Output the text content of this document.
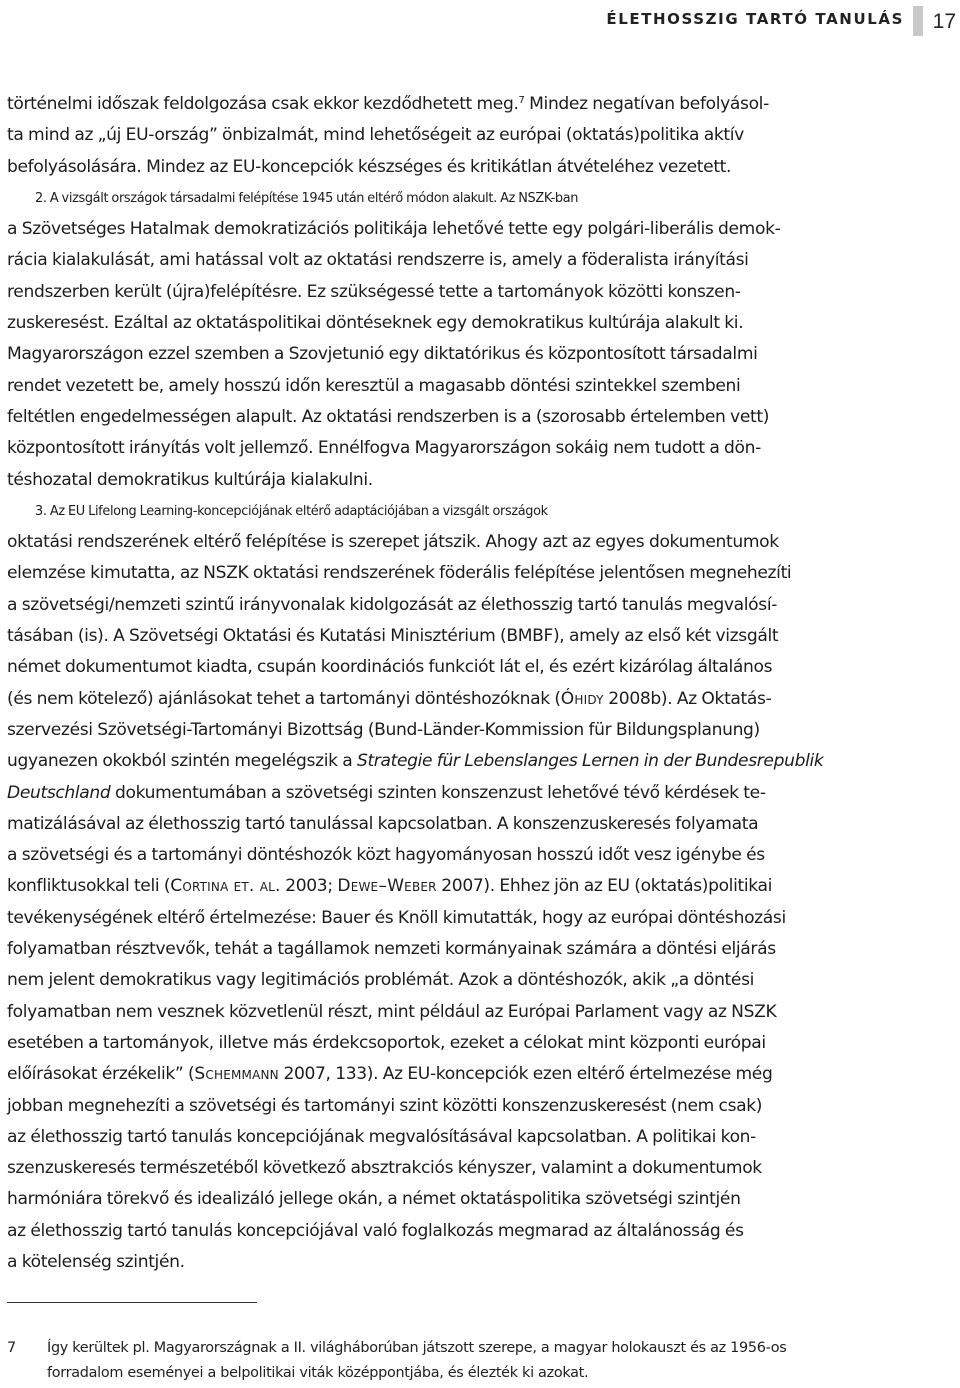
ÉLETHOSSZIG TARTÓ TANULÁS 17
történelmi időszak feldolgozása csak ekkor kezdődhetett meg.$^7$ Mindez negatívan befolyásol-
ta mind az „új EU-ország” önbizalmát, mind lehetőségeit az európai (oktatás)politika aktív
befolyásolására. Mindez az EU-koncepciók készséges és kritikátlan átvételéhez vezetett.
2. A vizsgált országok társadalmi felépítése 1945 után eltérő módon alakult. Az NSZK-ban
a Szövetséges Hatalmak demokratizációs politikája lehetővé tette egy polgári-liberális demok-
rácia kialakulását, ami hatással volt az oktatási rendszerre is, amely a föderalista irányítási
rendszerben került (újra)felépítésre. Ez szükségessé tette a tartományok közötti konszen-
zuskeresést. Ezáltal az oktatáspolitikai döntéseknek egy demokratikus kultúrája alakult ki.
Magyarországon ezzel szemben a Szovjetunió egy diktatórikus és központosított társadalmi
rendet vezetett be, amely hosszú időn keresztül a magasabb döntési szintekkel szembeni
feltétlen engedelmességen alapult. Az oktatási rendszerben is a (szorosabb értelemben vett)
központosított irányítás volt jellemző. Ennélfogva Magyarországon sokáig nem tudott a dön-
téshozatal demokratikus kultúrája kialakulni.
3. Az EU Lifelong Learning-koncepciójának eltérő adaptációjában a vizsgált országok
oktatási rendszerének eltérő felépítése is szerepet játszik. Ahogy azt az egyes dokumentumok
elemzése kimutatta, az NSZK oktatási rendszerének föderális felépítése jelentősen megnehezíti
a szövetségi/nemzeti szintű irányvonalak kidolgozását az élethosszig tartó tanulás megvalósí-
tásában (is). A Szövetségi Oktatási és Kutatási Minisztérium (BMBF), amely az első két vizsgált
német dokumentumot kiadta, csupán koordinációs funkciót lát el, és ezért kizárólag általános
(és nem kötelező) ajánlásokat tehet a tartományi döntéshozóknak (Óhidy 2008b). Az Oktatás-
szervezési Szövetségi-Tartományi Bizottság (Bund-Länder-Kommission für Bildungsplanung)
ugyanezen okokból szintén megelégszik a Strategie für Lebenslanges Lernen in der Bundesrepublik
Deutschland dokumentumában a szövetségi szinten konszenzust lehetővé tévő kérdések te-
matizálásával az élethosszig tartó tanulással kapcsolatban. A konszenzuskeresés folyamata
a szövetségi és a tartományi döntéshozók közt hagyományosan hosszú időt vesz igénybe és
konfliktusokkal teli (Cortina et. al. 2003; Dewe–Weber 2007). Ehhez jön az EU (oktatás)politikai
tevékenységének eltérő értelmezése: Bauer és Knöll kimutatták, hogy az európai döntéshozási
folyamatban résztvevők, tehát a tagállamok nemzeti kormányainak számára a döntési eljárás
nem jelent demokratikus vagy legitimációs problémát. Azok a döntéshozók, akik „a döntési
folyamatban nem vesznek közvetlenül részt, mint például az Európai Parlament vagy az NSZK
esetében a tartományok, illetve más érdekcsoportok, ezeket a célokat mint központi európai
előírásokat érzékelik” (Schemmann 2007, 133). Az EU-koncepciók ezen eltérő értelmezése még
jobban megnehezíti a szövetségi és tartományi szint közötti konszenzuskeresést (nem csak)
az élethosszig tartó tanulás koncepciójának megvalósításával kapcsolatban. A politikai kon-
szenzuskeresés természetéből következő absztrakciós kényszer, valamint a dokumentumok
harmóniára törekvő és idealizáló jellege okán, a német oktatáspolitika szövetségi szintjén
az élethosszig tartó tanulás koncepciójával való foglalkozás megmarad az általánosság és
a kötelenség szintjén.
7 Így kerültek pl. Magyarországnak a II. világháborúban játszott szerepe, a magyar holokauszt és az 1956-os
forradalom eseményei a belpolitikai viták középpontjába, és élezték ki azokat.
